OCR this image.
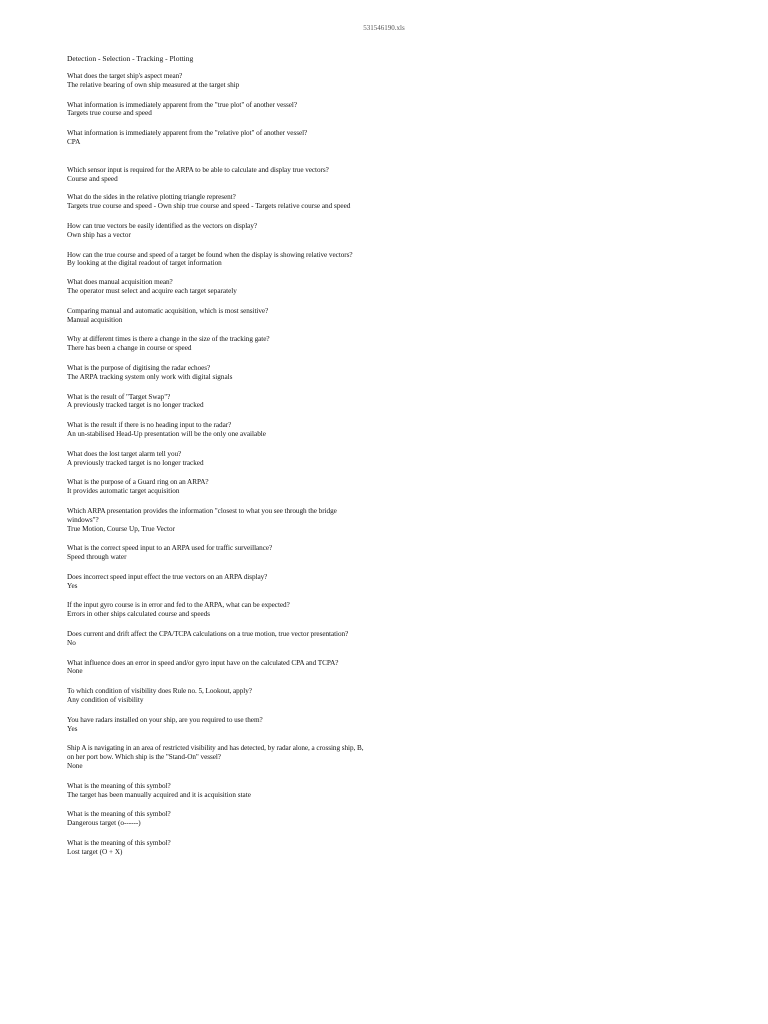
531546190.xls
Detection - Selection - Tracking - Plotting
What does the target ship's aspect mean?
The relative bearing of own ship measured at the target ship
What information is immediately apparent from the "true plot" of another vessel?
Targets true course and speed
What information is immediately apparent from the "relative plot" of another vessel?
CPA
Which sensor input is required for the ARPA to be able to calculate and display true vectors?
Course and speed
What do the sides in the relative plotting triangle represent?
Targets true course and speed - Own ship true course and speed - Targets relative course and speed
How can true vectors be easily identified as the vectors on display?
Own ship has a vector
How can the true course and speed of a target be found when the display is showing relative vectors?
By looking at the digital readout of target information
What does manual acquisition mean?
The operator must select and acquire each target separately
Comparing manual and automatic acquisition, which is most sensitive?
Manual acquisition
Why at different times is there a change in the size of the tracking gate?
There has been a change in course or speed
What is the purpose of digitising the radar echoes?
The ARPA tracking system only work with digital signals
What is the result of "Target Swap"?
A previously tracked target is no longer tracked
What is the result if there is no heading input to the radar?
An un-stabilised Head-Up presentation will be the only one available
What does the lost target alarm tell you?
A previously tracked target is no longer tracked
What is the purpose of a Guard ring on an ARPA?
It provides automatic target acquisition
Which ARPA presentation provides the information "closest to what you see through the bridge windows"?
True Motion, Course Up, True Vector
What is the correct speed input to an ARPA used for traffic surveillance?
Speed through water
Does incorrect speed input effect the true vectors on an ARPA display?
Yes
If the input gyro course is in error and fed to the ARPA, what can be expected?
Errors in other ships calculated course and speeds
Does current and drift affect the CPA/TCPA calculations on a true motion, true vector presentation?
No
What influence does an error in speed and/or gyro input have on the calculated CPA and TCPA?
None
To which condition of visibility does Rule no. 5, Lookout, apply?
Any condition of visibility
You have radars installed on your ship, are you required to use them?
Yes
Ship A is navigating in an area of restricted visibility and has detected, by radar alone, a crossing ship, B, on her port bow. Which ship is the "Stand-On" vessel?
None
What is the meaning of this symbol?
The target has been manually acquired and it is acquisition state
What is the meaning of this symbol?
Dangerous target (o------)
What is the meaning of this symbol?
Lost target (O + X)
